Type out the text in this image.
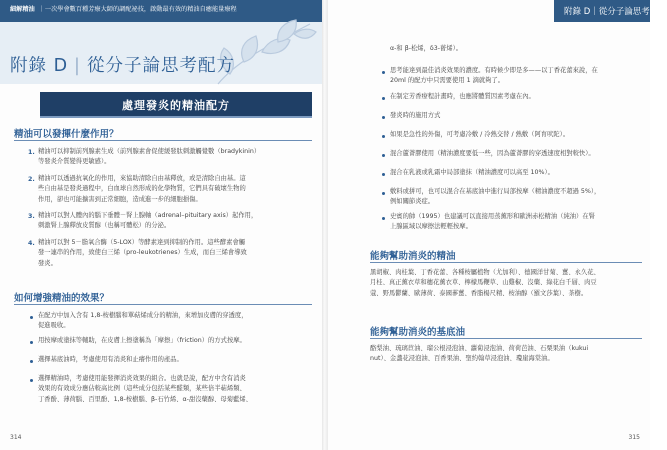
細解精油 ｜一次學會數百種芳療大師的調配祕技，啟動最有效的精油自癒能量療程
附錄 D | 從分子論思考配方
處理發炎的精油配方
精油可以發揮什麼作用？
1. 精油可以抑制前列腺素生成（前列腺素會促使緩發肽刺激觸覺數（bradykinin）
等發炎介質變得更敏感）。
2. 精油可以透過抗氧化的作用，來協助清除自由基釋放，或是清除自由基。這
些自由基是發炎過程中，白血球自然形成的化學物質，它們具有破壞生物的
作用，卻也可能擴害到正常細胞，造成進一步的細胞損傷。
3. 精油可以對人體內的腦下垂體－腎上腺軸（adrenal–pituitary axis）起作用，
刺激腎上腺釋放皮質醇（也稱可體松）的分泌。
4. 精油可以對 5－脂氧合酶（5-LOX）等酵素達到抑制的作用。這些酵素會觸
發一連串的作用，致使白三烯（pro-leukotrienes）生成，而白三烯會導致
發炎。
如何增強精油的效果？
在配方中加入含有 1,8-桉樹腦和單萜烯成分的精油，來增加皮膚的穿透度，
促進吸收。
用按摩或塗抹等輔助，在皮膚上擦塗稱為「摩擦」（friction）的方式按摩。
選擇基底油時，考慮使用有消炎和止癢作用的產品。
選擇精油時，考慮使用能發揮消炎效果的組合。也就是說，配方中含有消炎
效果的有效成分應佔較高比例（這些成分包括某些醛類，某些倍半萜烯類、
丁香酚、薄荷腦、百里酚、1,8-桉樹腦、β-石竹烯、α-甜沒藥醇、母菊藍烯、
314
附錄 D｜從分子論思考配方
α-和 β-松烯，δ3-蒈烯）。
思考能達到最佳消炎效果的濃度。有時候少即是多——以丁香花蕾來說，在
20ml 的配方中只需要使用 1 滴就夠了。
在制定芳香療程計畫時，也應將體質因素考慮在內。
發炎時的施用方式
如果是急性的外傷，可考慮冷敷 / 冷熱交替 / 熱敷（阿育吠陀）。
混合蘆薈膠使用（精油濃度要低一些，因為蘆薈膠的穿透速度相對較快）。
混合在乳液或乳霜中局部塗抹（精油濃度可以高至 10%）。
敷料或拼可，也可以混合在基底油中進行局部按摩（精油濃度不超過 5%），
例如關節炎症。
史賓的帥（1995）也建議可以直接用蒸薰形和歐洲赤松精油（純油）在腎
上腺區域以摩擦法輕輕按摩。
能夠幫助消炎的精油
黑胡椒、肉桂葉、丁香花蕾、各種桉屬植物（尤加利）、德國洋甘菊、薑、永久花、
月桂、真正薰衣草和穗花薰衣草、檸檬馬鞭草、山雞椒、沒藥、綠花白千層、肉豆
蔻、野馬鬱蘭、歐薄荷、泰國蔘薑、香脂楊尺精、桉油醇（羅文莎葉）、茶樹。
能夠幫助消炎的基底油
酪梨油、琉璃苣油、瑠公根浸泡油、蘿蔔浸泡油、荷荷芭油、石栗果油（kukui
nut）、金盞花浸泡油、百香果油、聖約翰草浸泡油、瓊崖海棠油。
315
